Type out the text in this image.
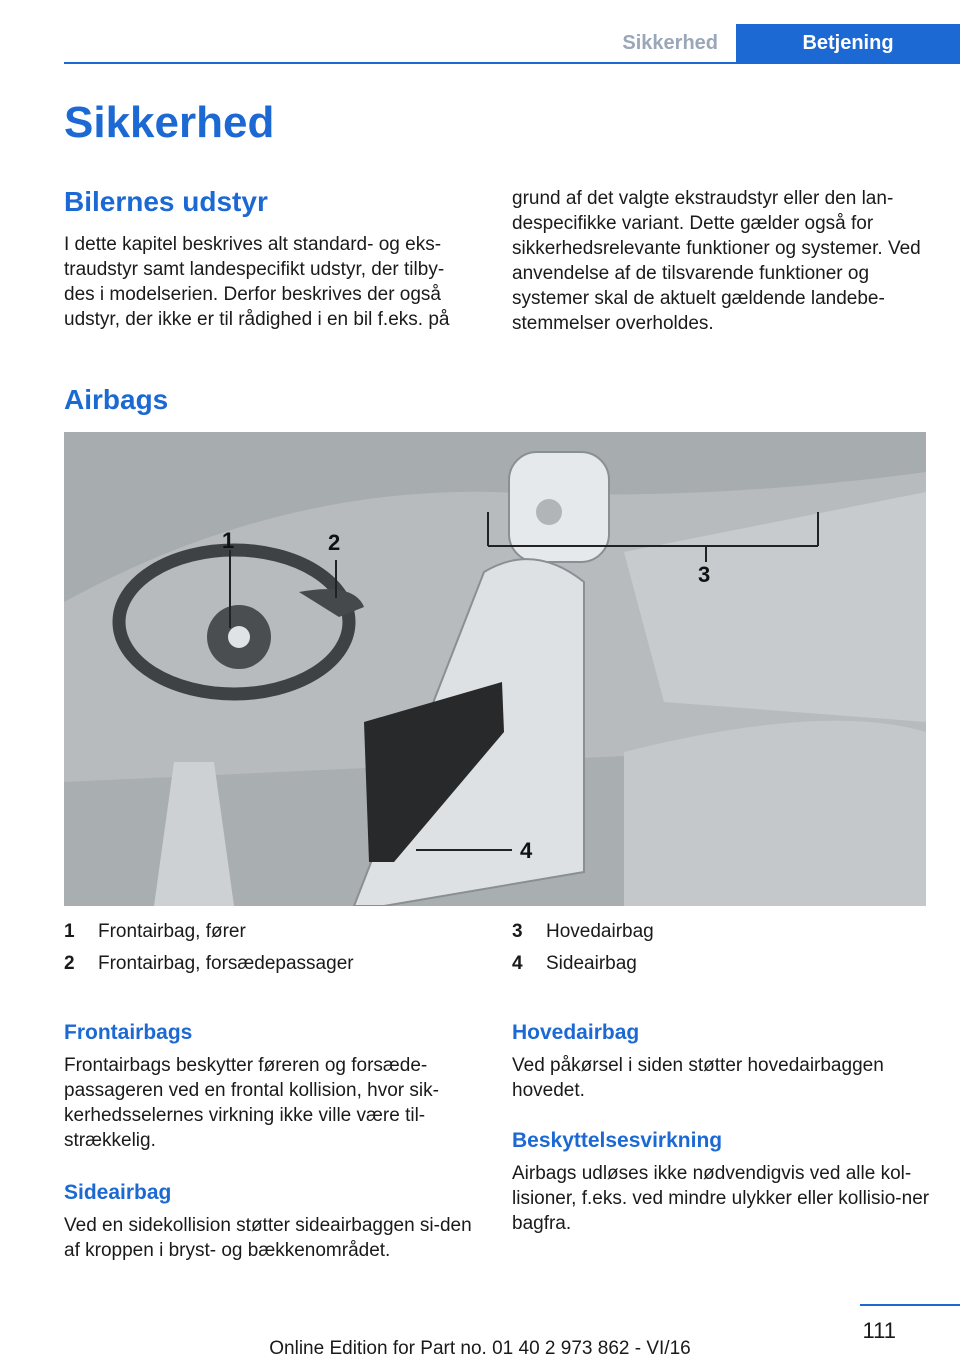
Sikkerhed	Betjening
Sikkerhed
Bilernes udstyr
I dette kapitel beskrives alt standard- og eks-traudstyr samt landespecifikt udstyr, der tilby-des i modelserien. Derfor beskrives der også udstyr, der ikke er til rådighed i en bil f.eks. på
grund af det valgte ekstraudstyr eller den lan-despecifikke variant. Dette gælder også for sikkerhedsrelevante funktioner og systemer. Ved anvendelse af de tilsvarende funktioner og systemer skal de aktuelt gældende landebe-stemmelser overholdes.
Airbags
1	2
3
4
1 Frontairbag, fører
2 Frontairbag, forsædepassager
3 Hovedairbag
4 Sideairbag
Frontairbags
Frontairbags beskytter føreren og forsæde-passageren ved en frontal kollision, hvor sik-kerhedsselernes virkning ikke ville være til-strækkelig.
Sideairbag
Ved en sidekollision støtter sideairbaggen si-den af kroppen i bryst- og bækkenområdet.
Hovedairbag
Ved påkørsel i siden støtter hovedairbaggen hovedet.
Beskyttelsesvirkning
Airbags udløses ikke nødvendigvis ved alle kol-lisioner, f.eks. ved mindre ulykker eller kollisio-ner bagfra.
111
Online Edition for Part no. 01 40 2 973 862 - VI/16
